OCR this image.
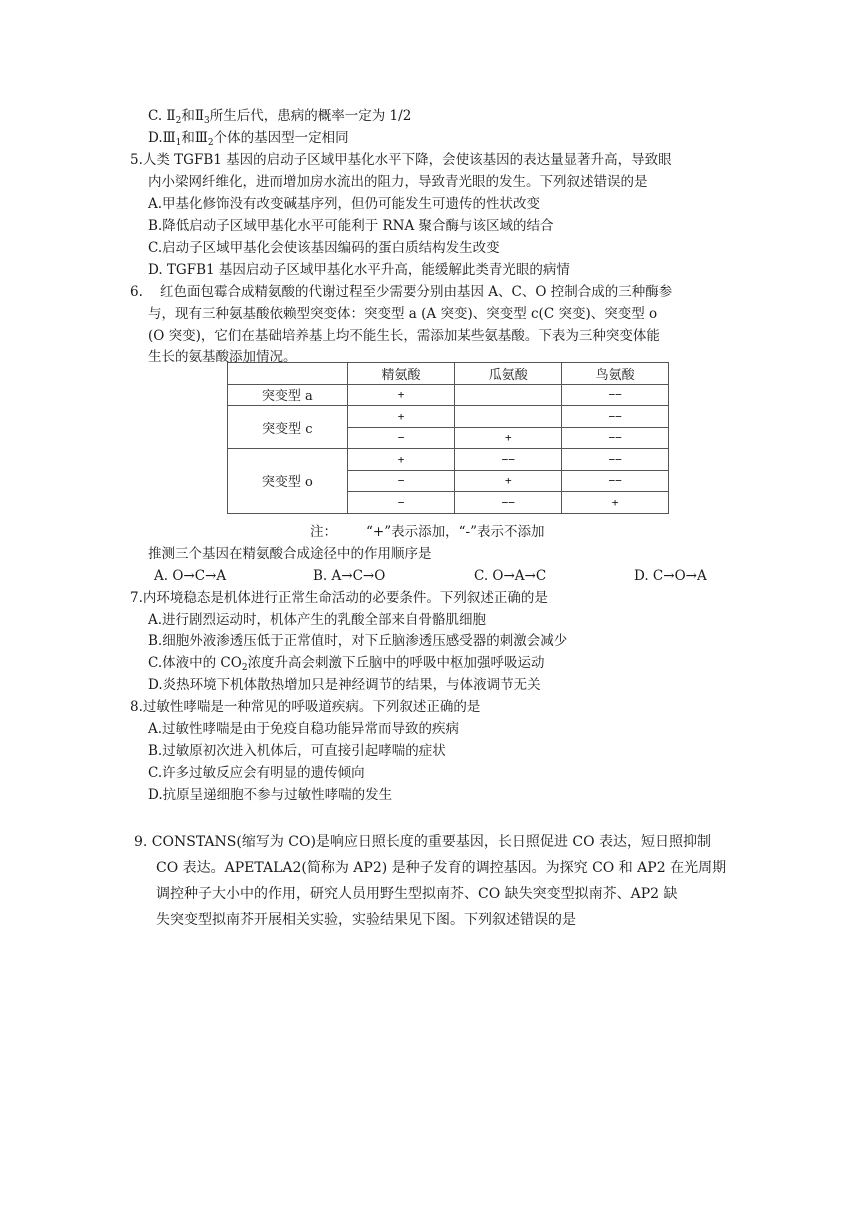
C. $Ⅱ_2$和$Ⅱ_3$所生后代，患病的概率一定为 1/2
$D.Ⅲ_1$和$Ⅲ_2$个体的基因型一定相同
5.人类 TGFB1 基因的启动子区域甲基化水平下降，会使该基因的表达量显著升高，导致眼
内小梁网纤维化，进而增加房水流出的阻力，导致青光眼的发生。下列叙述错误的是
A.甲基化修饰没有改变碱基序列，但仍可能发生可遗传的性状改变
B.降低启动子区域甲基化水平可能利于 RNA 聚合酶与该区域的结合
C.启动子区域甲基化会使该基因编码的蛋白质结构发生改变
D. TGFB1 基因启动子区域甲基化水平升高，能缓解此类青光眼的病情
6. 红色面包霉合成精氨酸的代谢过程至少需要分别由基因 A、C、O 控制合成的三种酶参
与，现有三种氨基酸依赖型突变体：突变型 a (A 突变)、突变型 c(C 突变)、突变型 o
(O 突变)，它们在基础培养基上均不能生长，需添加某些氨基酸。下表为三种突变体能
生长的氨基酸添加情况。
	精氨酸	瓜氨酸	鸟氨酸
突变型 a	+		−−
突变型 c	+		−−
	−	+	−−
突变型 o	+	−−	−−
	−	+	−−
	−	−−	+
注： “+”表示添加，“-”表示不添加
推测三个基因在精氨酸合成途径中的作用顺序是
A. O→C→A	B. A→C→O	C. O→A→C	D. C→O→A
7.内环境稳态是机体进行正常生命活动的必要条件。下列叙述正确的是
A.进行剧烈运动时，机体产生的乳酸全部来自骨骼肌细胞
B.细胞外液渗透压低于正常值时，对下丘脑渗透压感受器的刺激会减少
C.体液中的 $CO_2$浓度升高会刺激下丘脑中的呼吸中枢加强呼吸运动
D.炎热环境下机体散热增加只是神经调节的结果，与体液调节无关
8.过敏性哮喘是一种常见的呼吸道疾病。下列叙述正确的是
A.过敏性哮喘是由于免疫自稳功能异常而导致的疾病
B.过敏原初次进入机体后，可直接引起哮喘的症状
C.许多过敏反应会有明显的遗传倾向
D.抗原呈递细胞不参与过敏性哮喘的发生
9. CONSTANS(缩写为 CO)是响应日照长度的重要基因，长日照促进 CO 表达，短日照抑制
CO 表达。APETALA2(简称为 AP2) 是种子发育的调控基因。为探究 CO 和 AP2 在光周期
调控种子大小中的作用，研究人员用野生型拟南芥、CO 缺失突变型拟南芥、AP2 缺
失突变型拟南芥开展相关实验，实验结果见下图。下列叙述错误的是
